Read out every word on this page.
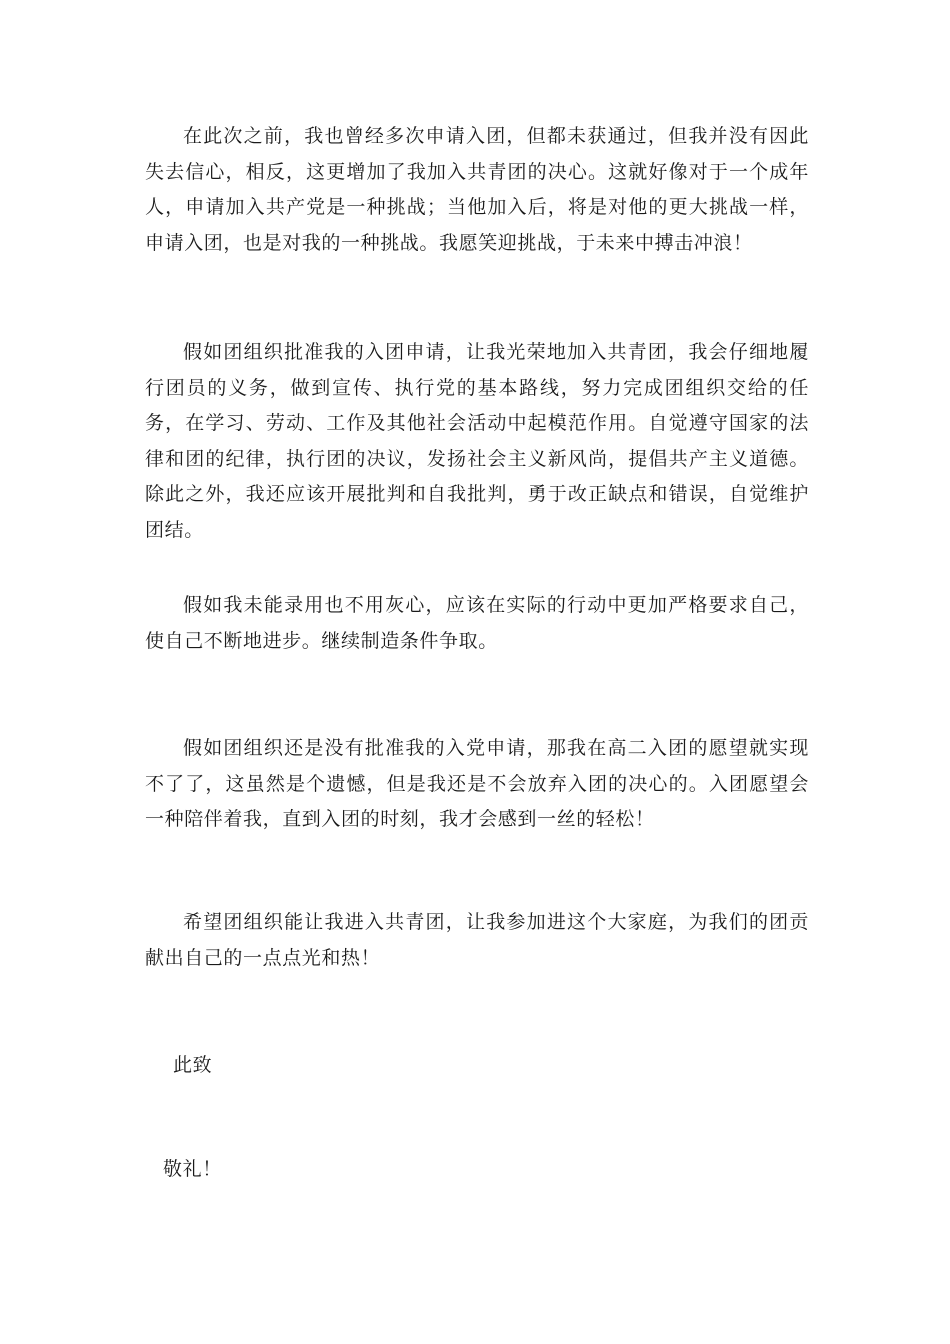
在此次之前，我也曾经多次申请入团，但都未获通过，但我并没有因此失去信心，相反，这更增加了我加入共青团的决心。这就好像对于一个成年人，申请加入共产党是一种挑战；当他加入后，将是对他的更大挑战一样，申请入团，也是对我的一种挑战。我愿笑迎挑战，于未来中搏击冲浪！

假如团组织批准我的入团申请，让我光荣地加入共青团，我会仔细地履行团员的义务，做到宣传、执行党的基本路线，努力完成团组织交给的任务，在学习、劳动、工作及其他社会活动中起模范作用。自觉遵守国家的法律和团的纪律，执行团的决议，发扬社会主义新风尚，提倡共产主义道德。除此之外，我还应该开展批判和自我批判，勇于改正缺点和错误，自觉维护团结。

假如我未能录用也不用灰心，应该在实际的行动中更加严格要求自己，使自己不断地进步。继续制造条件争取。

假如团组织还是没有批准我的入党申请，那我在高二入团的愿望就实现不了了，这虽然是个遗憾，但是我还是不会放弃入团的决心的。入团愿望会一种陪伴着我，直到入团的时刻，我才会感到一丝的轻松！

希望团组织能让我进入共青团，让我参加进这个大家庭，为我们的团贡献出自己的一点点光和热！

此致

敬礼！
